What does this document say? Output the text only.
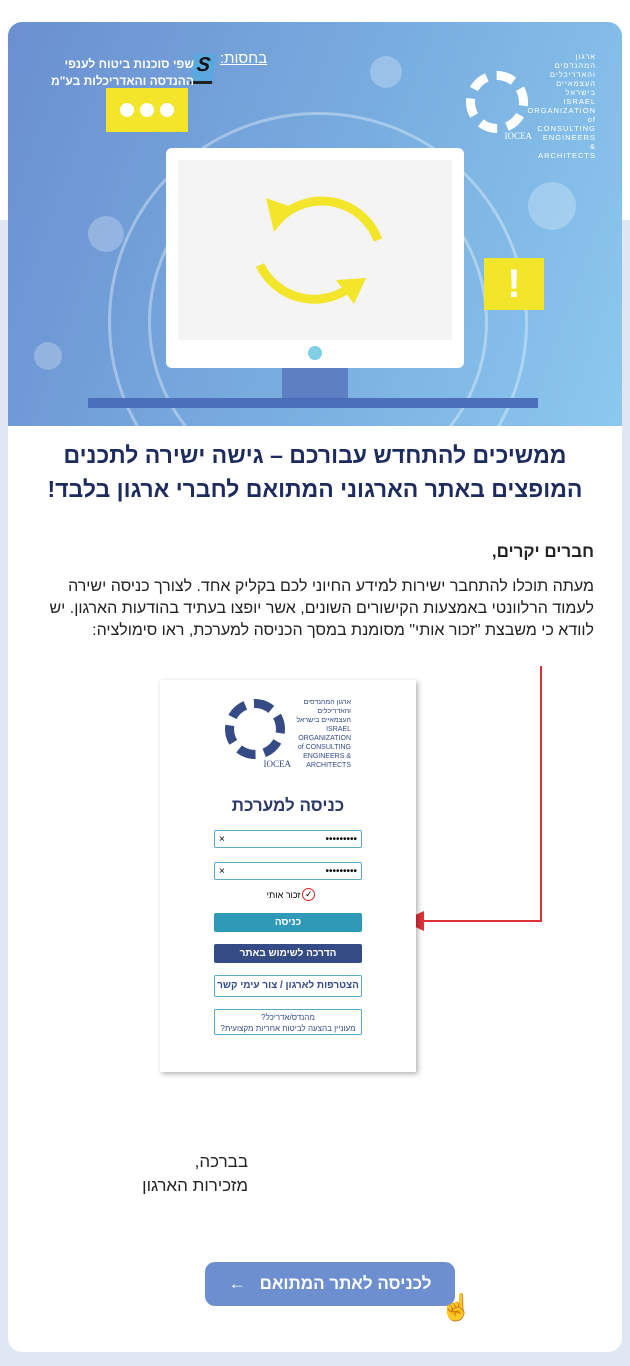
בחסות:
S
שפי סוכנות ביטוח לענפי ההנדסה והאדריכלות בע"מ
!
IOCEA
ארגון המהנדסים והאדריכלים העצמאיים בישראל ISRAEL ORGANIZATION of CONSULTING ENGINEERS & ARCHITECTS
ממשיכים להתחדש עבורכם – גישה ישירה לתכנים המופצים באתר הארגוני המתואם לחברי ארגון בלבד!
חברים יקרים,
מעתה תוכלו להתחבר ישירות למידע החיוני לכם בקליק אחד. לצורך כניסה ישירה לעמוד הרלוונטי באמצעות הקישורים השונים, אשר יופצו בעתיד בהודעות הארגון. יש לוודא כי משבצת "זכור אותי" מסומנת במסך הכניסה למערכת, ראו סימולציה:
IOCEA
ארגון המהנדסים והאדריכלים העצמאיים בישראל ISRAEL ORGANIZATION of CONSULTING ENGINEERS & ARCHITECTS
כניסה למערכת
×	•••••••••
×	•••••••••
✓
זכור אותי
כניסה
הדרכה לשימוש באתר
הצטרפות לארגון / צור עימי קשר
מהנדס/אדריכל?
מעוניין בהצעה לביטוח אחריות מקצועית?
בברכה,
מזכירות הארגון
לכניסה לאתר המתואם
←
☝
